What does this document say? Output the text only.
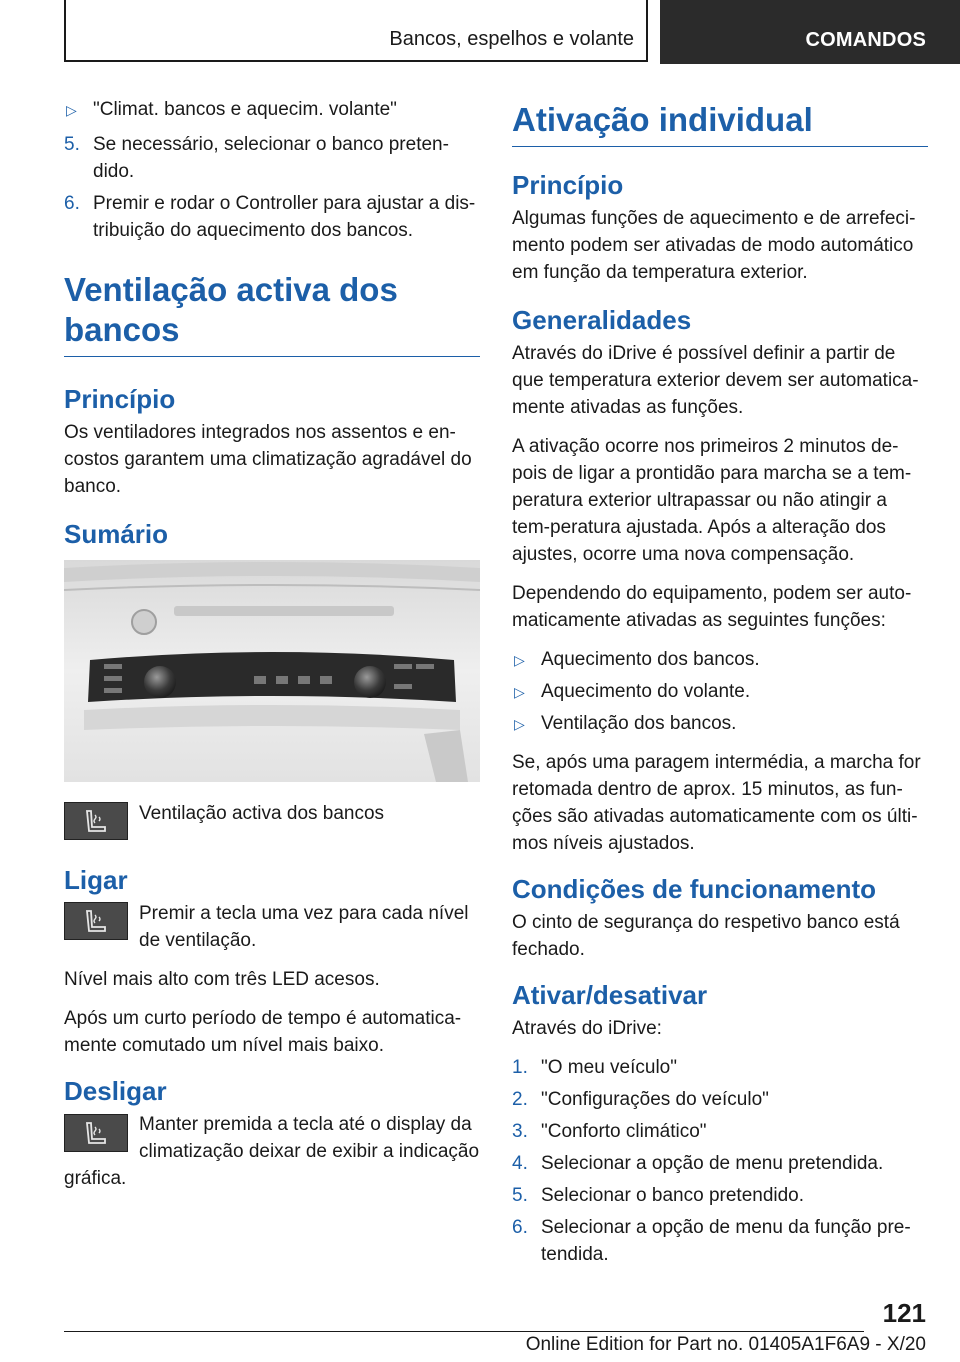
Bancos, espelhos e volante	COMANDOS
▷ "Climat. bancos e aquecim. volante"
5. Se necessário, selecionar o banco preten-dido.
6. Premir e rodar o Controller para ajustar a dis-tribuição do aquecimento dos bancos.
Ventilação activa dos bancos
Princípio

Os ventiladores integrados nos assentos e en-costos garantem uma climatização agradável do banco.

Sumário

Ventilação activa dos bancos

Ligar

Premir a tecla uma vez para cada nível de ventilação.

Nível mais alto com três LED acesos.

Após um curto período de tempo é automatica-mente comutado um nível mais baixo.

Desligar

Manter premida a tecla até o display da climatização deixar de exibir a indicação gráfica.

Ativação individual
Princípio

Algumas funções de aquecimento e de arrefeci-mento podem ser ativadas de modo automático em função da temperatura exterior.

Generalidades

Através do iDrive é possível definir a partir de que temperatura exterior devem ser automatica-mente ativadas as funções.

A ativação ocorre nos primeiros 2 minutos de-pois de ligar a prontidão para marcha se a tem-peratura exterior ultrapassar ou não atingir a tem-peratura ajustada. Após a alteração dos ajustes, ocorre uma nova compensação.

Dependendo do equipamento, podem ser auto-maticamente ativadas as seguintes funções:

▷ Aquecimento dos bancos.
▷ Aquecimento do volante.
▷ Ventilação dos bancos.

Se, após uma paragem intermédia, a marcha for retomada dentro de aprox. 15 minutos, as fun-ções são ativadas automaticamente com os últi-mos níveis ajustados.

Condições de funcionamento

O cinto de segurança do respetivo banco está fechado.

Ativar/desativar

Através do iDrive:

1. "O meu veículo"
2. "Configurações do veículo"
3. "Conforto climático"
4. Selecionar a opção de menu pretendida.
5. Selecionar o banco pretendido.
6. Selecionar a opção de menu da função pre-tendida.
121
Online Edition for Part no. 01405A1F6A9 - X/20
